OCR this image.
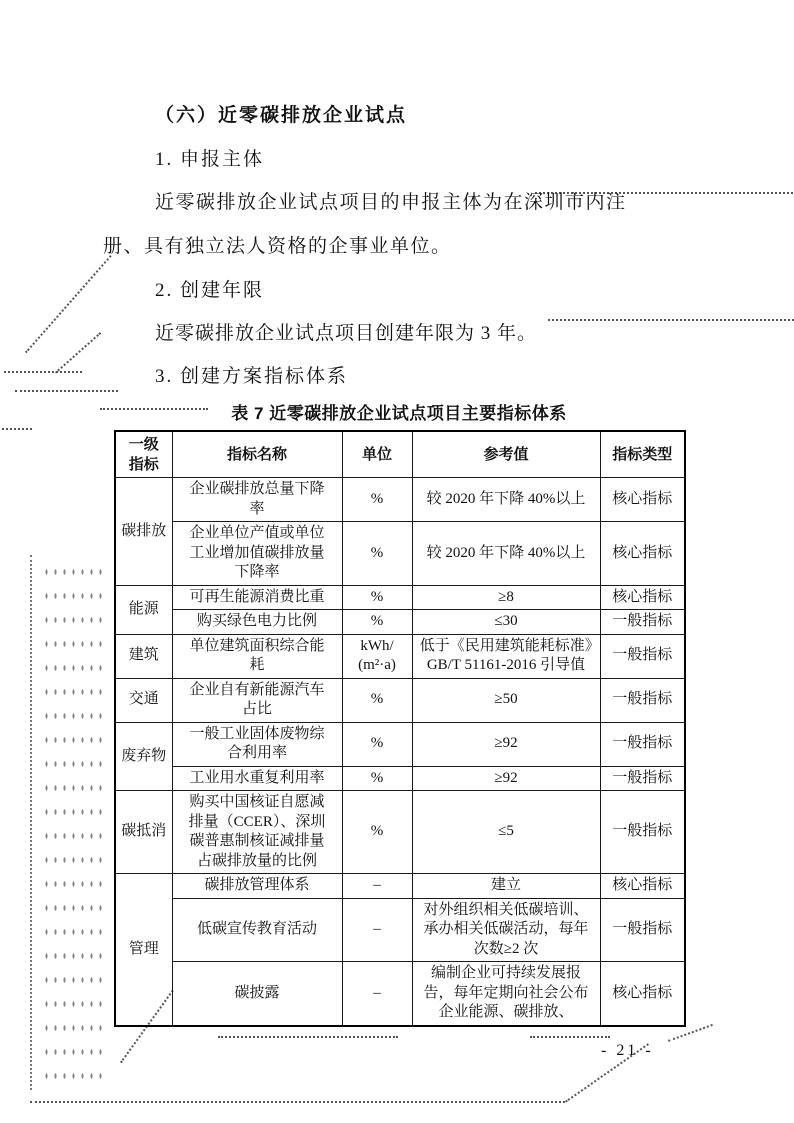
（六）近零碳排放企业试点
1. 申报主体
近零碳排放企业试点项目的申报主体为在深圳市内注
册、具有独立法人资格的企事业单位。
2. 创建年限
近零碳排放企业试点项目创建年限为 3 年。
3. 创建方案指标体系
表 7 近零碳排放企业试点项目主要指标体系
一级指标	指标名称	单位	参考值	指标类型
碳排放	企业碳排放总量下降率	%	较 2020 年下降 40%以上	核心指标
	企业单位产值或单位工业增加值碳排放量下降率	%	较 2020 年下降 40%以上	核心指标
能源	可再生能源消费比重	%	≥8	核心指标
	购买绿色电力比例	%	≤30	一般指标
建筑	单位建筑面积综合能耗	kWh/ (m²·a)	低于《民用建筑能耗标准》GB/T 51161-2016 引导值	一般指标
交通	企业自有新能源汽车占比	%	≥50	一般指标
废弃物	一般工业固体废物综合利用率	%	≥92	一般指标
	工业用水重复利用率	%	≥92	一般指标
碳抵消	购买中国核证自愿减排量（CCER）、深圳碳普惠制核证减排量占碳排放量的比例	%	≤5	一般指标
管理	碳排放管理体系	–	建立	核心指标
	低碳宣传教育活动	–	对外组织相关低碳培训、承办相关低碳活动，每年次数≥2 次	一般指标
	碳披露	–	编制企业可持续发展报告，每年定期向社会公布企业能源、碳排放、	核心指标
- 21 -
